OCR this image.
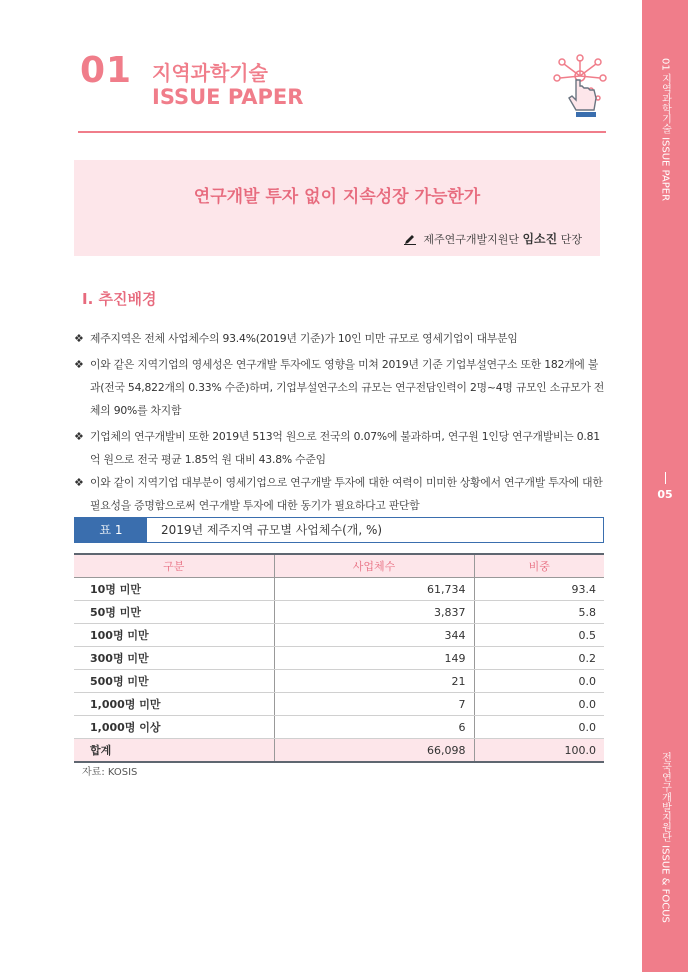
01 지역과학기술 ISSUE PAPER
05
전국연구개발지원단 ISSUE & FOCUS
01 지역과학기술
ISSUE PAPER
연구개발 투자 없이 지속성장 가능한가
제주연구개발지원단 임소진 단장
Ⅰ. 추진배경
❖ 제주지역은 전체 사업체수의 93.4%(2019년 기준)가 10인 미만 규모로 영세기업이 대부분임
❖ 이와 같은 지역기업의 영세성은 연구개발 투자에도 영향을 미쳐 2019년 기준 기업부설연구소 또한 182개에 불과(전국 54,822개의 0.33% 수준)하며, 기업부설연구소의 규모는 연구전담인력이 2명~4명 규모인 소규모가 전체의 90%를 차지함
❖ 기업체의 연구개발비 또한 2019년 513억 원으로 전국의 0.07%에 불과하며, 연구원 1인당 연구개발비는 0.81억 원으로 전국 평균 1.85억 원 대비 43.8% 수준임
❖ 이와 같이 지역기업 대부분이 영세기업으로 연구개발 투자에 대한 여력이 미미한 상황에서 연구개발 투자에 대한 필요성을 증명함으로써 연구개발 투자에 대한 동기가 필요하다고 판단함
표 1	2019년 제주지역 규모별 사업체수(개, %)
구분	사업체수	비중
10명 미만	61,734	93.4
50명 미만	3,837	5.8
100명 미만	344	0.5
300명 미만	149	0.2
500명 미만	21	0.0
1,000명 미만	7	0.0
1,000명 이상	6	0.0
합계	66,098	100.0
자료: KOSIS
